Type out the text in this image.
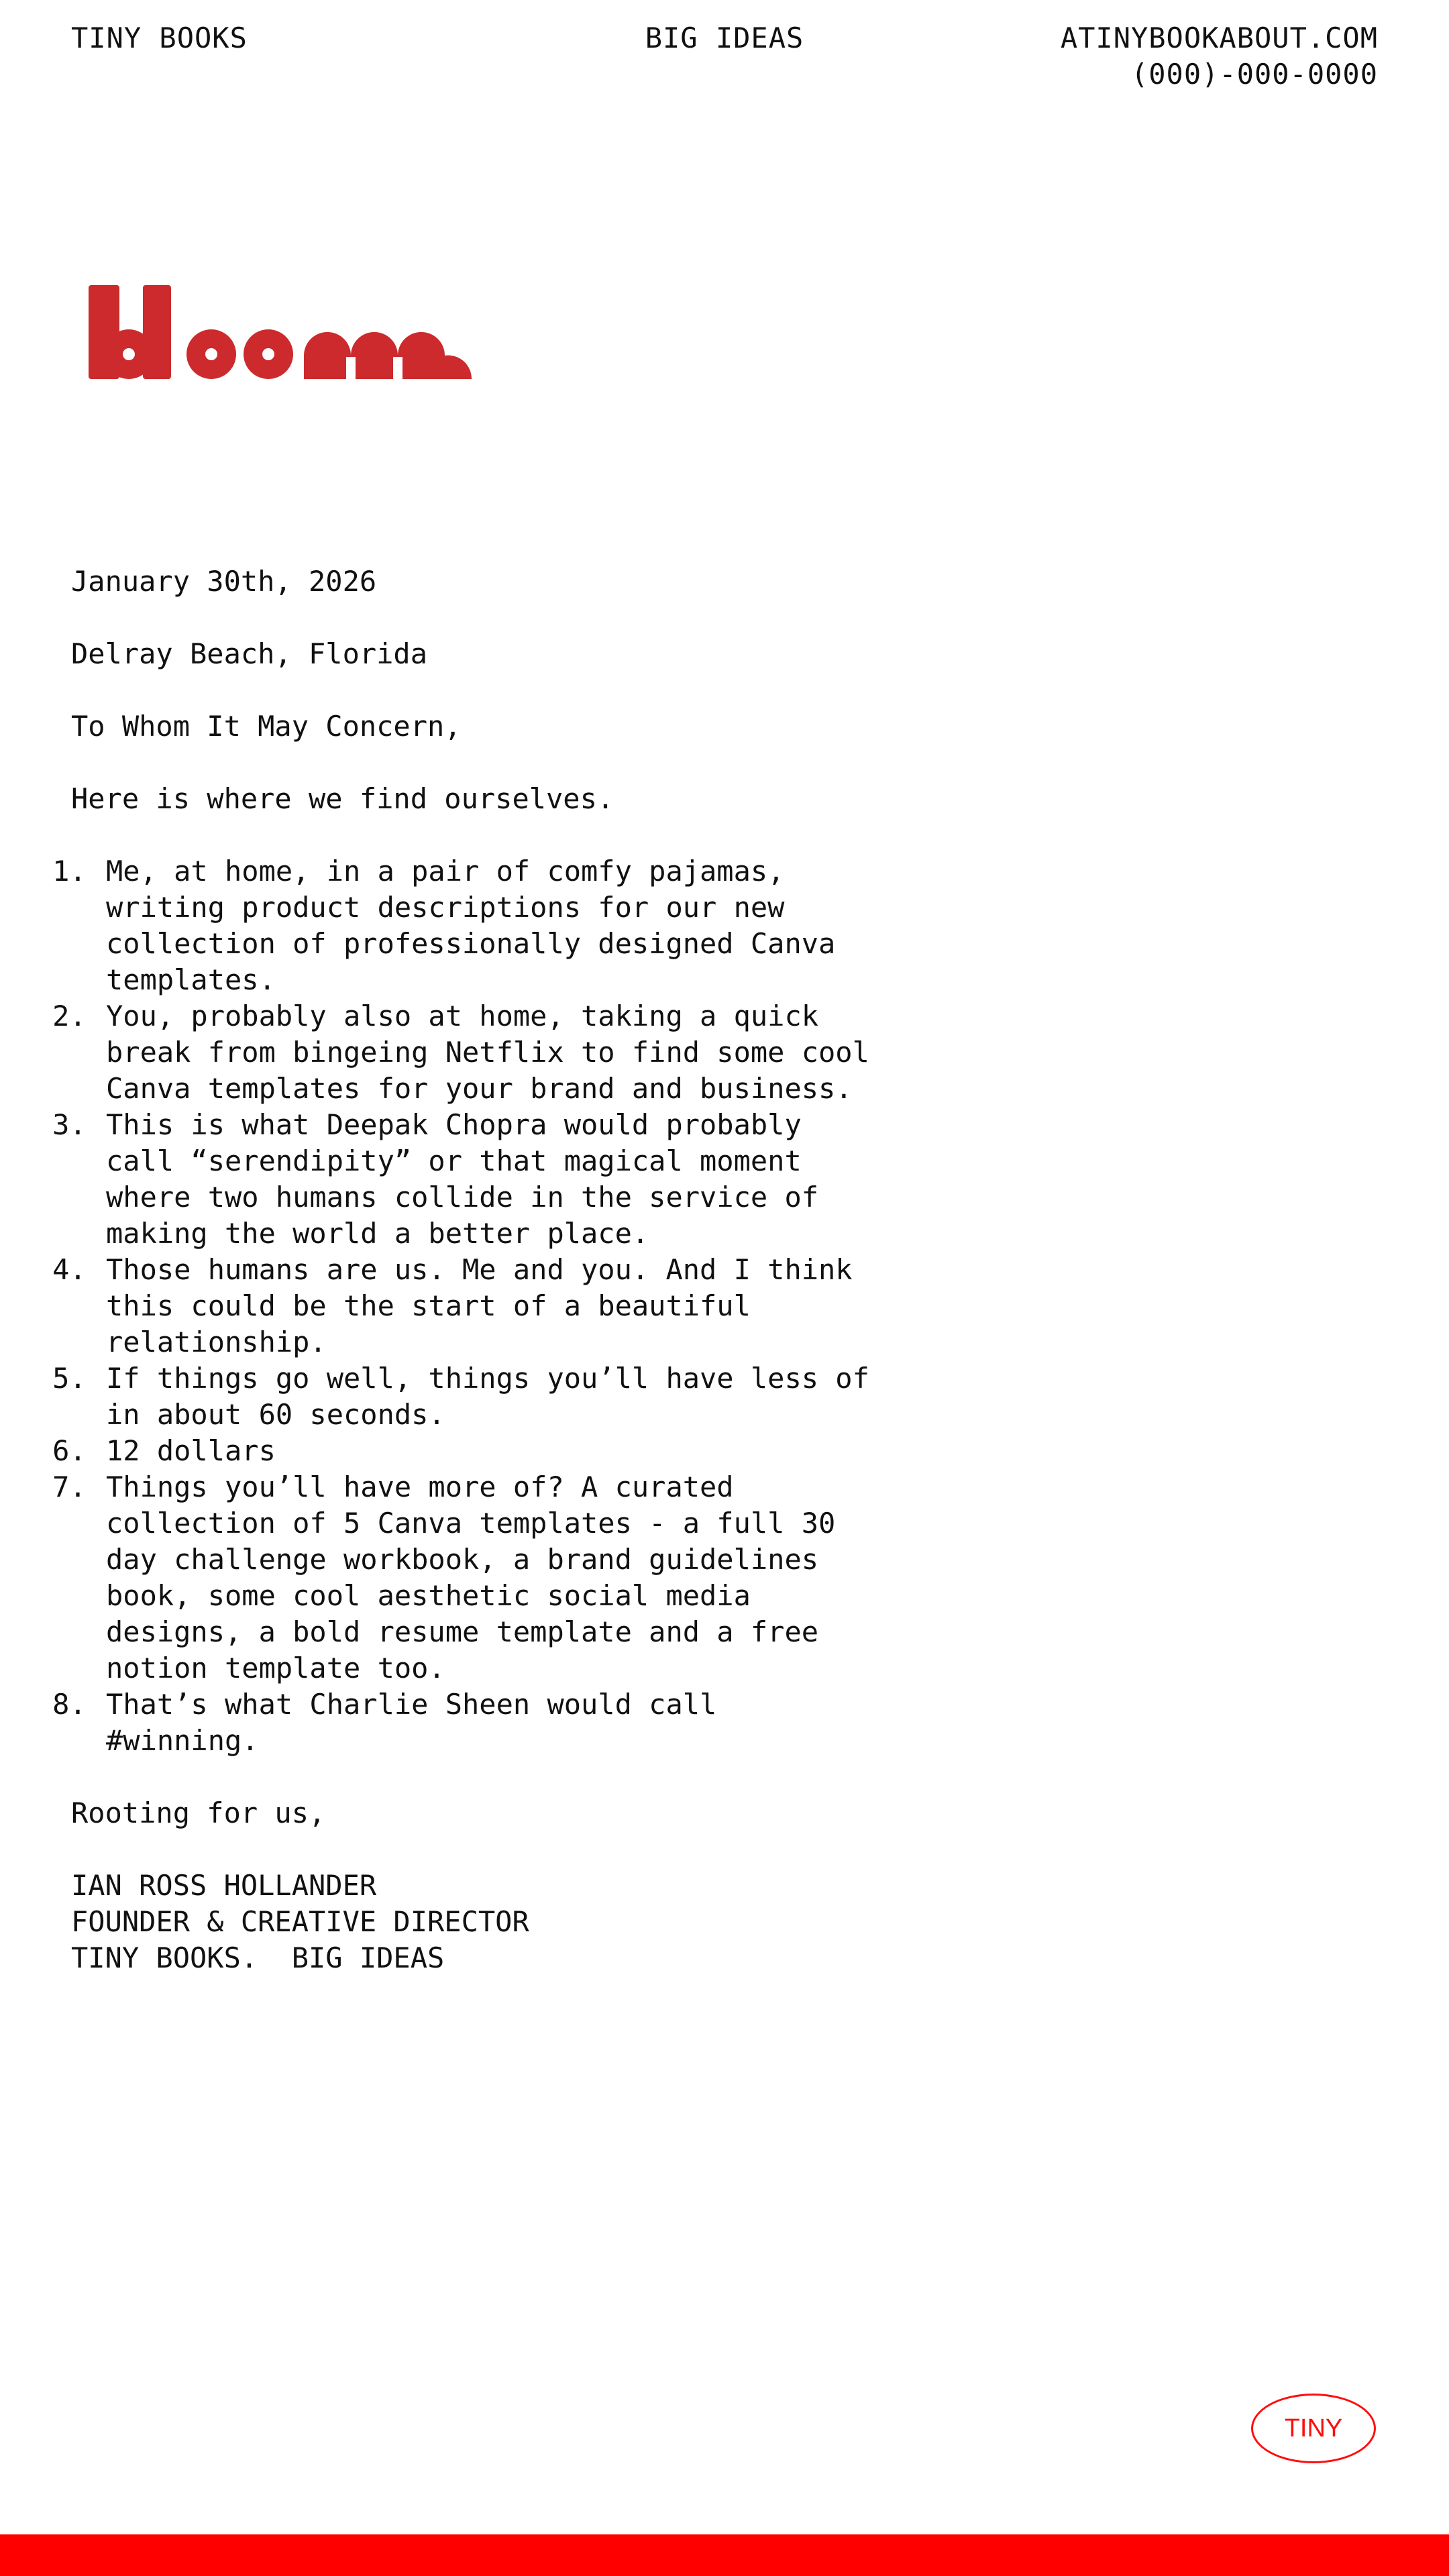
TINY BOOKS	BIG IDEAS	ATINYBOOKABOUT.COM
(000)-000-0000

January 30th, 2026

Delray Beach, Florida

To Whom It May Concern,

Here is where we find ourselves.

1. Me, at home, in a pair of comfy pajamas, writing product descriptions for our new collection of professionally designed Canva templates.
2. You, probably also at home, taking a quick break from bingeing Netflix to find some cool Canva templates for your brand and business.
3. This is what Deepak Chopra would probably call “serendipity” or that magical moment where two humans collide in the service of making the world a better place.
4. Those humans are us. Me and you. And I think this could be the start of a beautiful relationship.
5. If things go well, things you’ll have less of in about 60 seconds.
6. 12 dollars
7. Things you’ll have more of? A curated collection of 5 Canva templates - a full 30 day challenge workbook, a brand guidelines book, some cool aesthetic social media designs, a bold resume template and a free notion template too.
8. That’s what Charlie Sheen would call #winning.

Rooting for us,

IAN ROSS HOLLANDER
FOUNDER & CREATIVE DIRECTOR
TINY BOOKS.  BIG IDEAS
TINY
